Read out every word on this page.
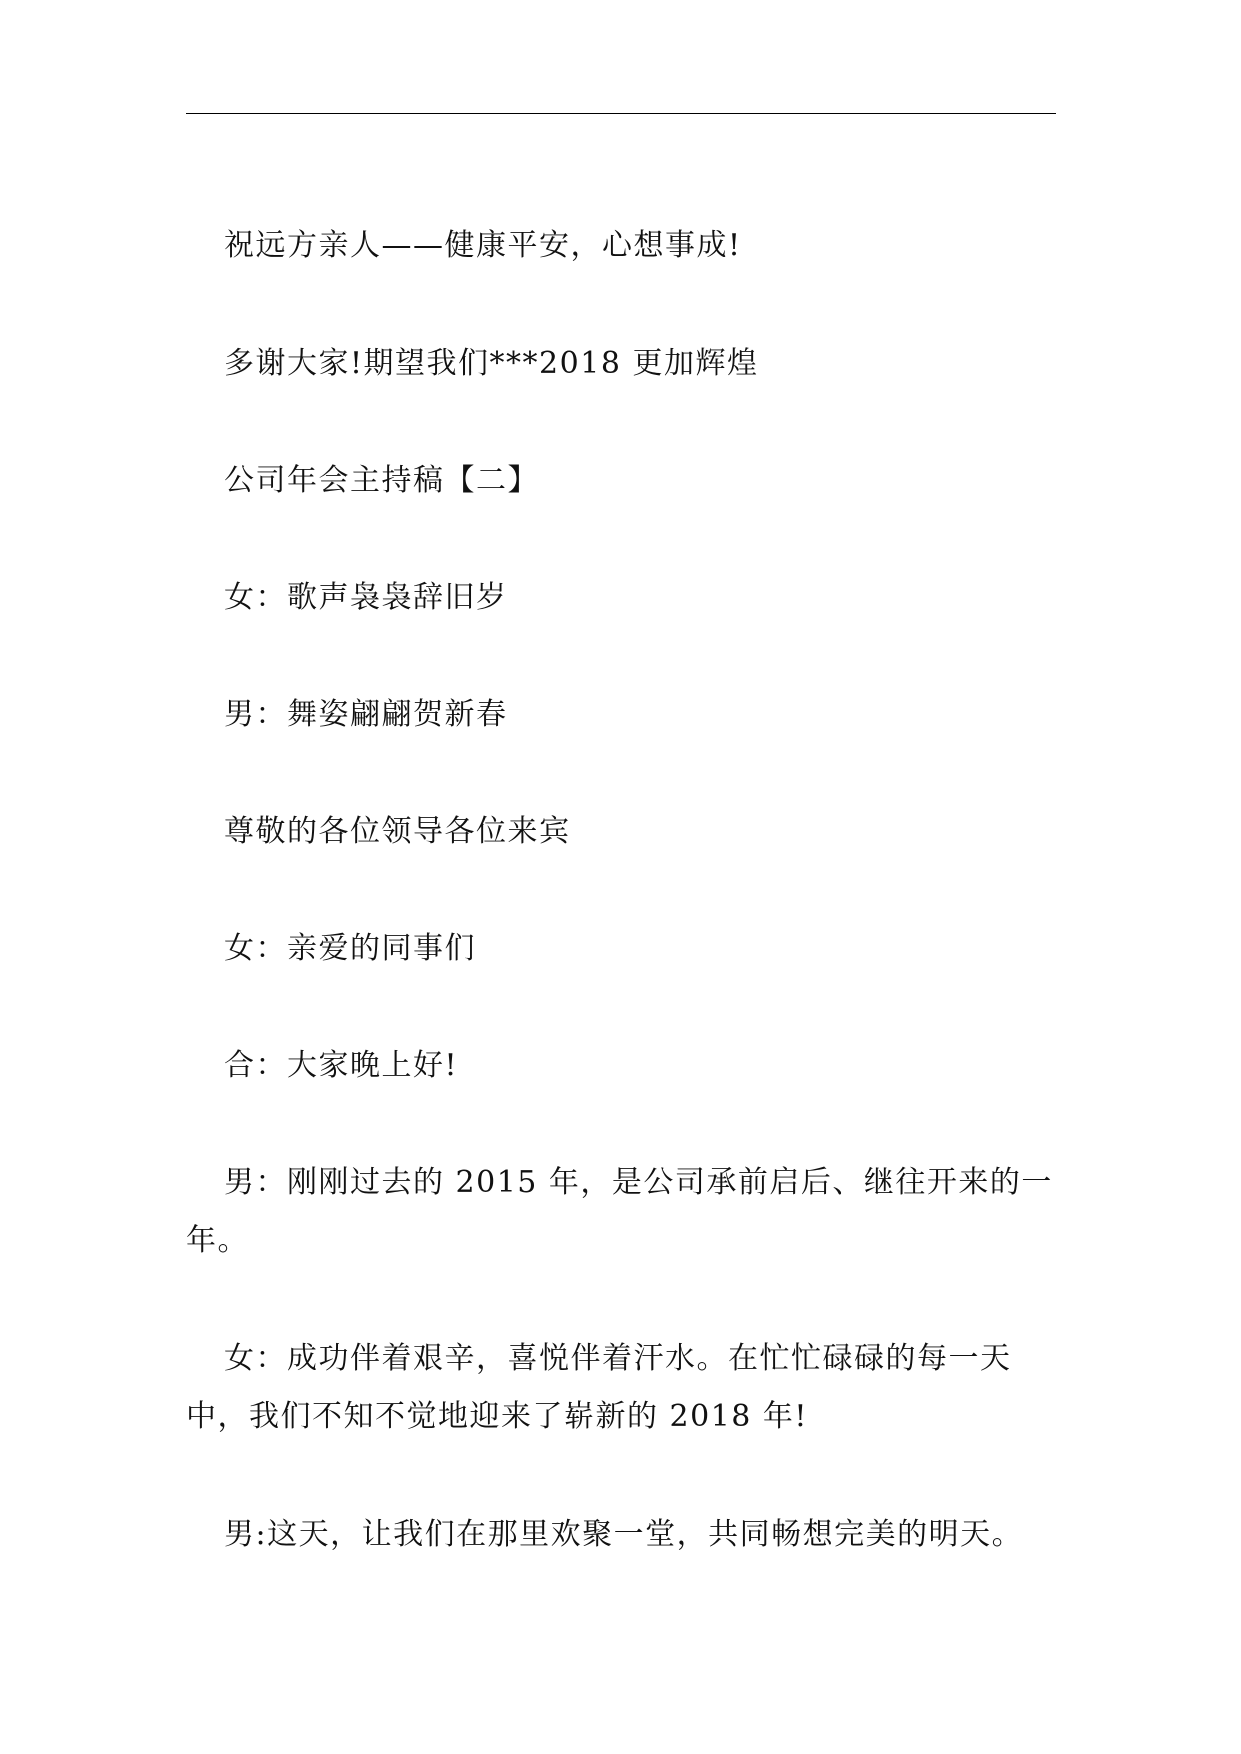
祝远方亲人——健康平安，心想事成!

多谢大家!期望我们***2018 更加辉煌

公司年会主持稿【二】

女：歌声袅袅辞旧岁

男：舞姿翩翩贺新春

尊敬的各位领导各位来宾

女：亲爱的同事们

合：大家晚上好!

男：刚刚过去的 2015 年，是公司承前启后、继往开来的一年。

女：成功伴着艰辛，喜悦伴着汗水。在忙忙碌碌的每一天中，我们不知不觉地迎来了崭新的 2018 年!

男:这天，让我们在那里欢聚一堂，共同畅想完美的明天。
